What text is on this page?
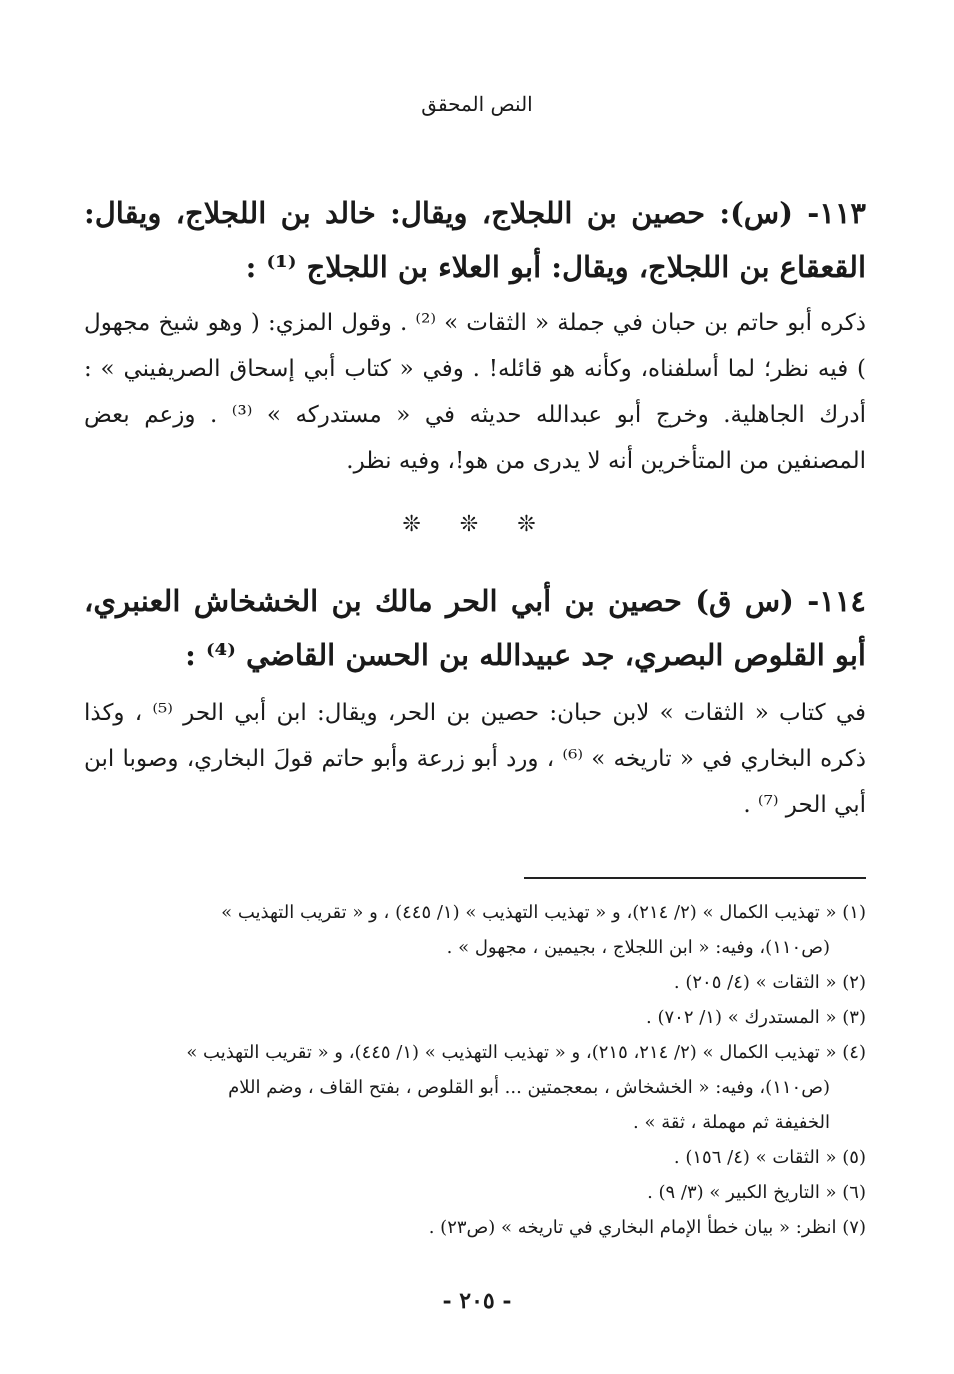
النص المحقق
١١٣- (س): حصين بن اللجلاج، ويقال: خالد بن اللجلاج، ويقال: القعقاع بن اللجلاج، ويقال: أبو العلاء بن اللجلاج ⁽¹⁾ :
ذكره أبو حاتم بن حبان في جملة « الثقات » ⁽²⁾ . وقول المزي: ( وهو شيخ مجهول ) فيه نظر؛ لما أسلفناه، وكأنه هو قائله! . وفي « كتاب أبي إسحاق الصريفيني » : أدرك الجاهلية. وخرج أبو عبدالله حديثه في « مستدركه » ⁽³⁾ . وزعم بعض المصنفين من المتأخرين أنه لا يدرى من هو!، وفيه نظر.
❊ ❊ ❊
١١٤- (س ق) حصين بن أبي الحر مالك بن الخشخاش العنبري، أبو القلوص البصري، جد عبيدالله بن الحسن القاضي ⁽⁴⁾ :
في كتاب « الثقات » لابن حبان: حصين بن الحر، ويقال: ابن أبي الحر ⁽⁵⁾ ، وكذا ذكره البخاري في « تاريخه » ⁽⁶⁾ ، ورد أبو زرعة وأبو حاتم قولَ البخاري، وصوبا ابن أبي الحر ⁽⁷⁾ .
(١) « تهذيب الكمال » (٢/ ٢١٤)، و « تهذيب التهذيب » (١/ ٤٤٥) ، و « تقريب التهذيب »
(ص١١٠)، وفيه: « ابن اللجلاج ، بجيمين ، مجهول » .
(٢) « الثقات » (٤/ ٢٠٥) .
(٣) « المستدرك » (١/ ٧٠٢) .
(٤) « تهذيب الكمال » (٢/ ٢١٤، ٢١٥)، و « تهذيب التهذيب » (١/ ٤٤٥)، و « تقريب التهذيب »
(ص١١٠)، وفيه: « الخشخاش ، بمعجمتين ... أبو القلوص ، بفتح القاف ، وضم اللام
الخفيفة ثم مهملة ، ثقة » .
(٥) « الثقات » (٤/ ١٥٦) .
(٦) « التاريخ الكبير » (٣/ ٩) .
(٧) انظر: « بيان خطأ الإمام البخاري في تاريخه » (ص٢٣) .
- ٢٠٥ -
